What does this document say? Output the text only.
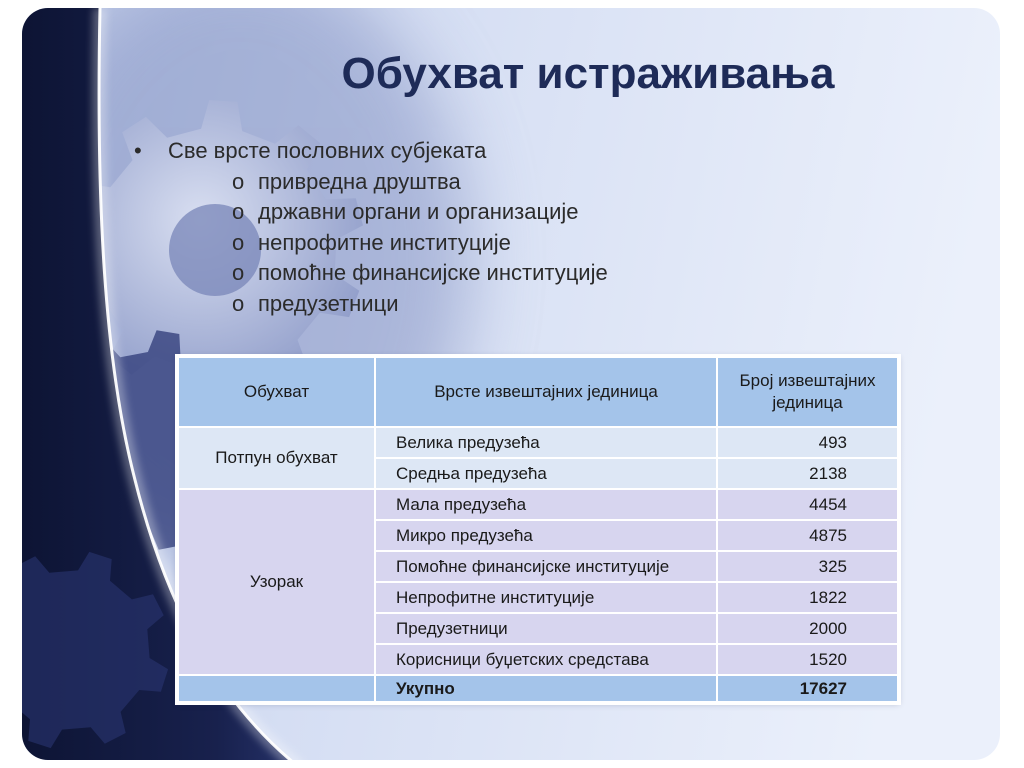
Обухват истраживања
• Све врсте пословних субјеката
o привредна друштва
o државни органи и организације
o непрофитне институције
o помоћне финансијске институције
o предузетници
Обухват	Врсте извештајних јединица	Број извештајних јединица
Потпун обухват	Велика предузећа	493
	Средња предузећа	2138
Узорак	Мала предузећа	4454
	Микро предузећа	4875
	Помоћне финансијске институције	325
	Непрофитне институције	1822
	Предузетници	2000
	Корисници буџетских средстава	1520
	Укупно	17627
